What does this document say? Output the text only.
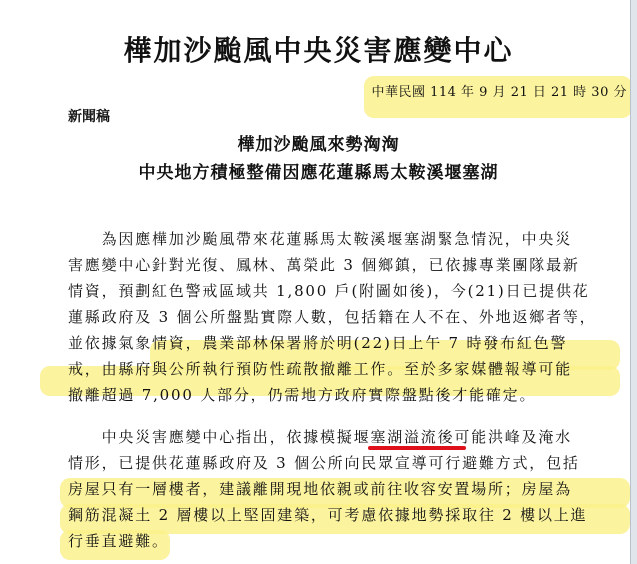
樺加沙颱風中央災害應變中心
中華民國 114 年 9 月 21 日 21 時 30 分
新聞稿
樺加沙颱風來勢洶洶
中央地方積極整備因應花蓮縣馬太鞍溪堰塞湖
　　為因應樺加沙颱風帶來花蓮縣馬太鞍溪堰塞湖緊急情況，中央災
害應變中心針對光復、鳳林、萬榮此 3 個鄉鎮，已依據專業團隊最新
情資，預劃紅色警戒區域共 1,800 戶(附圖如後)，今(21)日已提供花
蓮縣政府及 3 個公所盤點實際人數，包括籍在人不在、外地返鄉者等，
並依據氣象情資，農業部林保署將於明(22)日上午 7 時發布紅色警
戒，由縣府與公所執行預防性疏散撤離工作。至於多家媒體報導可能
撤離超過 7,000 人部分，仍需地方政府實際盤點後才能確定。
　　中央災害應變中心指出，依據模擬堰塞湖溢流後可能洪峰及淹水
情形，已提供花蓮縣政府及 3 個公所向民眾宣導可行避難方式，包括
房屋只有一層樓者，建議離開現地依親或前往收容安置場所；房屋為
鋼筋混凝土 2 層樓以上堅固建築，可考慮依據地勢採取往 2 樓以上進
行垂直避難。
